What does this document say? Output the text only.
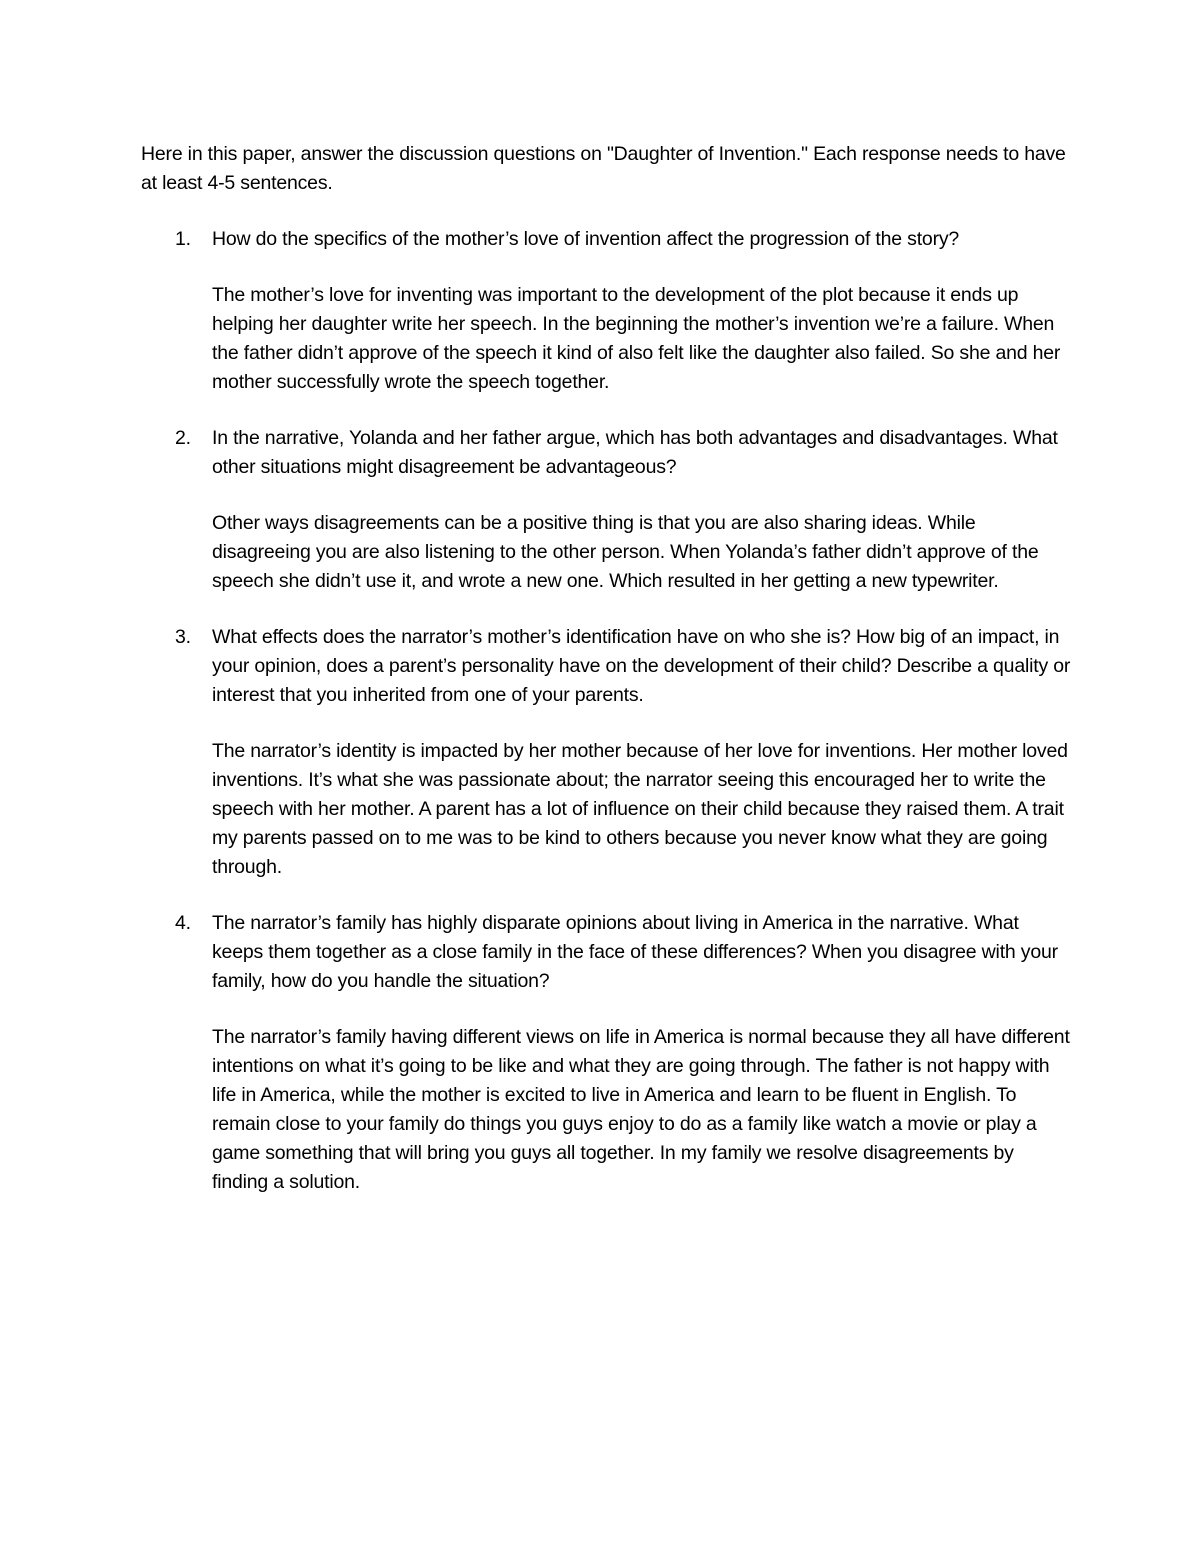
Here in this paper, answer the discussion questions on "Daughter of Invention." Each response needs to have at least 4-5 sentences.

1. How do the specifics of the mother’s love of invention affect the progression of the story?

The mother’s love for inventing was important to the development of the plot because it ends up helping her daughter write her speech. In the beginning the mother’s invention we’re a failure. When the father didn’t approve of the speech it kind of also felt like the daughter also failed. So she and her mother successfully wrote the speech together.

2. In the narrative, Yolanda and her father argue, which has both advantages and disadvantages. What other situations might disagreement be advantageous?

Other ways disagreements can be a positive thing is that you are also sharing ideas. While disagreeing you are also listening to the other person. When Yolanda’s father didn’t approve of the speech she didn’t use it, and wrote a new one. Which resulted in her getting a new typewriter.

3. What effects does the narrator’s mother’s identification have on who she is? How big of an impact, in your opinion, does a parent’s personality have on the development of their child? Describe a quality or interest that you inherited from one of your parents.

The narrator’s identity is impacted by her mother because of her love for inventions. Her mother loved inventions. It’s what she was passionate about; the narrator seeing this encouraged her to write the speech with her mother. A parent has a lot of influence on their child because they raised them. A trait my parents passed on to me was to be kind to others because you never know what they are going through.

4. The narrator’s family has highly disparate opinions about living in America in the narrative. What keeps them together as a close family in the face of these differences? When you disagree with your family, how do you handle the situation?

The narrator’s family having different views on life in America is normal because they all have different intentions on what it’s going to be like and what they are going through. The father is not happy with life in America, while the mother is excited to live in America and learn to be fluent in English. To remain close to your family do things you guys enjoy to do as a family like watch a movie or play a game something that will bring you guys all together. In my family we resolve disagreements by finding a solution.
